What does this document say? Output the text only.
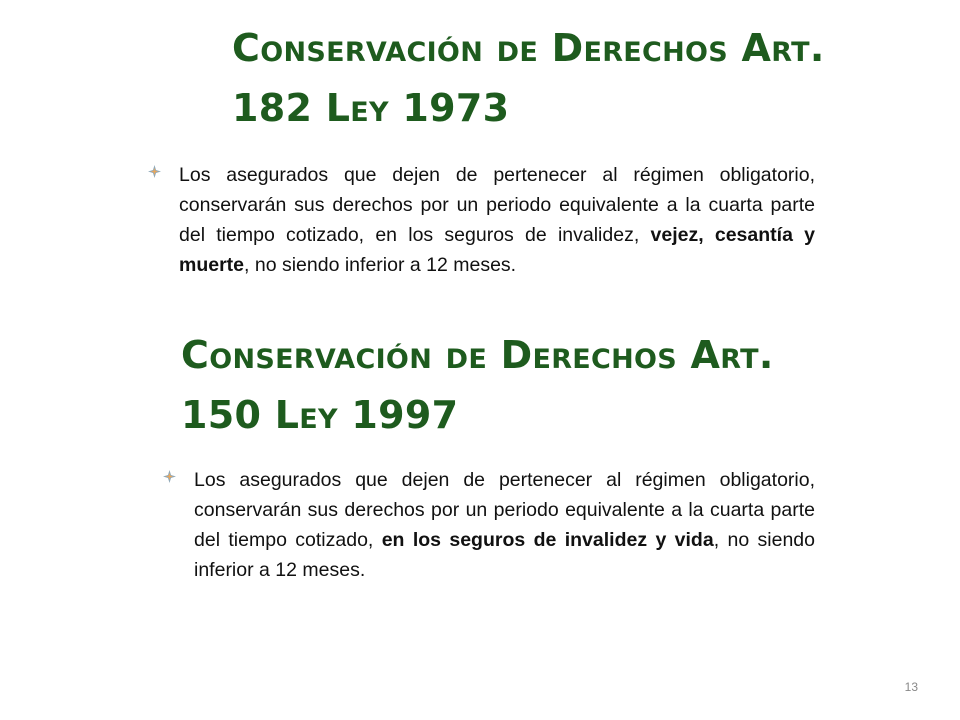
Conservación de Derechos Art.
182 Ley 1973

Los asegurados que dejen de pertenecer al régimen obligatorio, conservarán sus derechos por un periodo equivalente a la cuarta parte del tiempo cotizado, en los seguros de invalidez, vejez, cesantía y muerte, no siendo inferior a 12 meses.

Conservación de Derechos Art.
150 Ley 1997

Los asegurados que dejen de pertenecer al régimen obligatorio, conservarán sus derechos por un periodo equivalente a la cuarta parte del tiempo cotizado, en los seguros de invalidez y vida, no siendo inferior a 12 meses.

13
